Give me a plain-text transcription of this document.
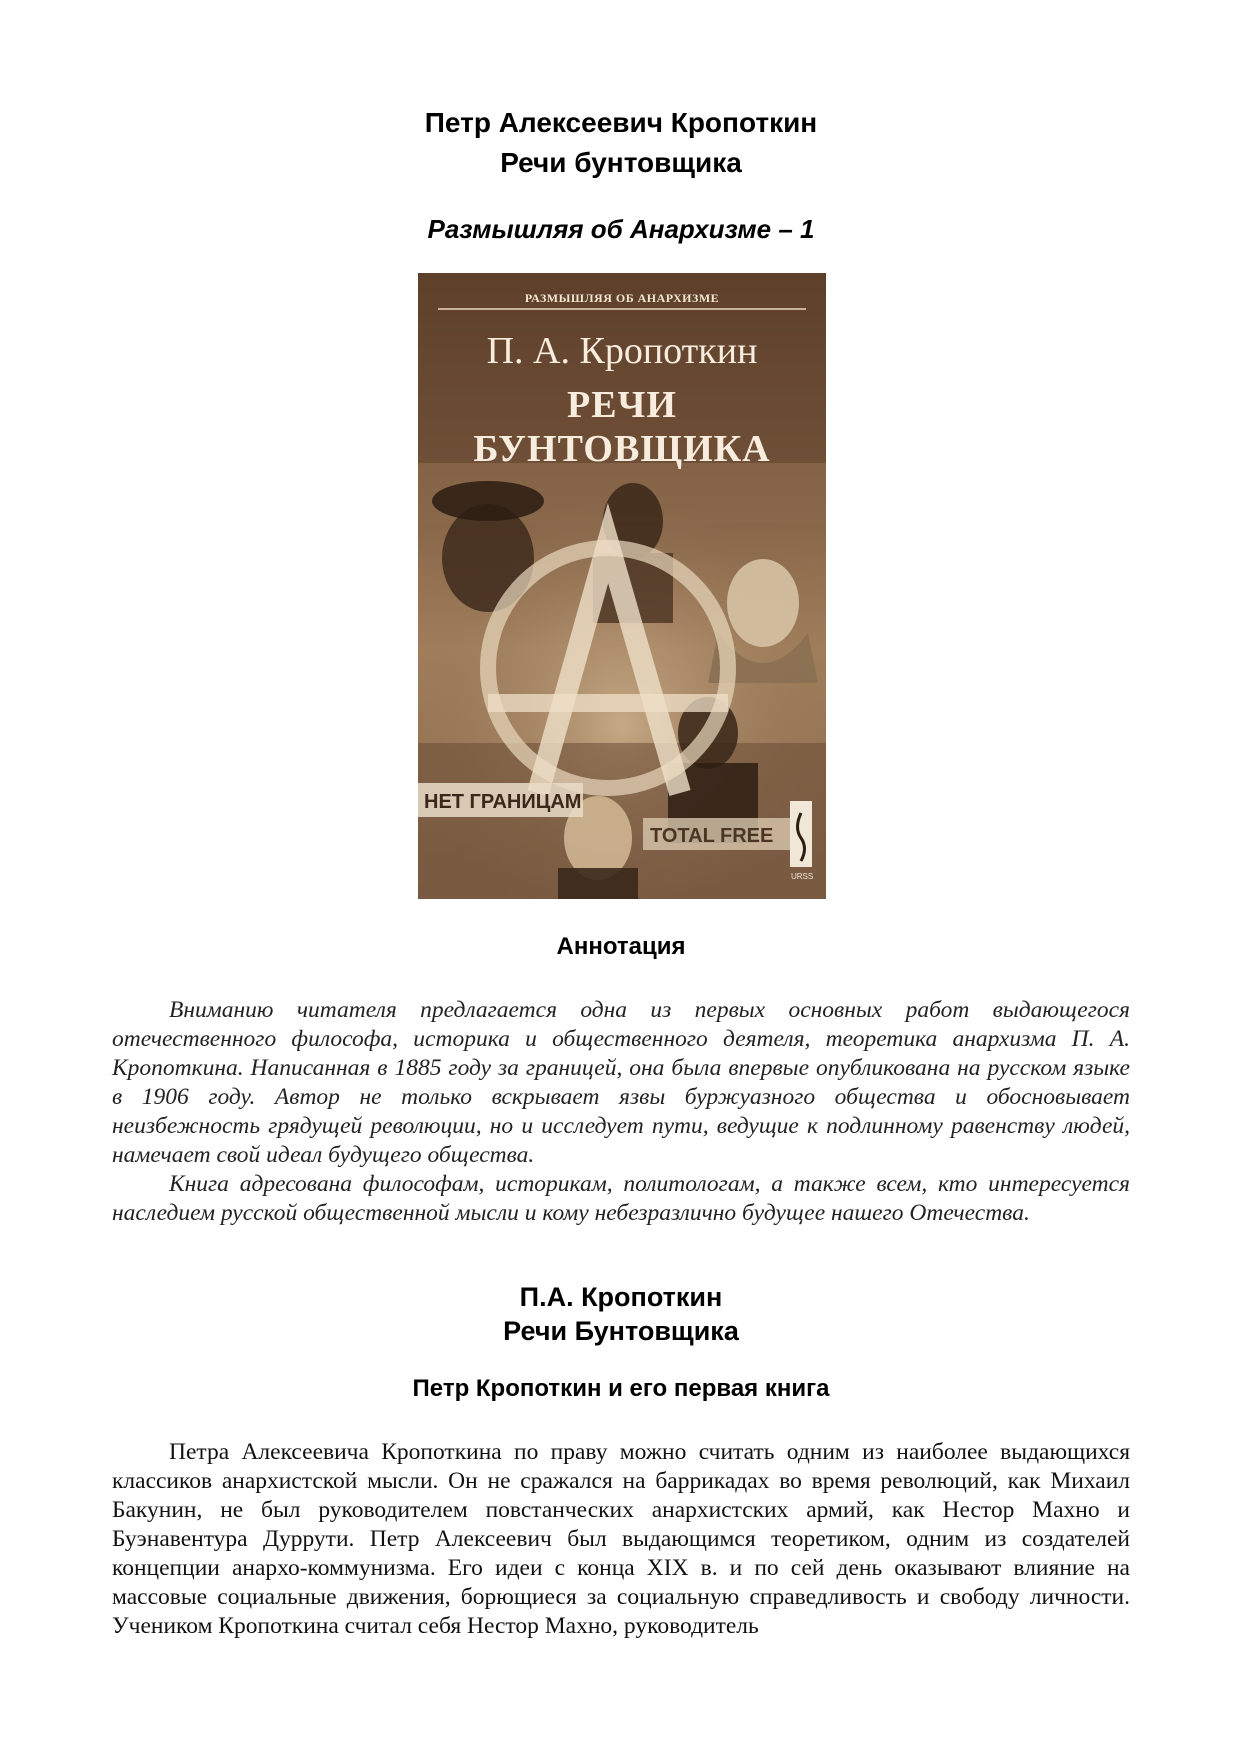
Петр Алексеевич Кропоткин
Речи бунтовщика
Размышляя об Анархизме – 1
НЕТ ГРАНИЦАМ
TOTAL FREE
URSS
РАЗМЫШЛЯЯ ОБ АНАРХИЗМЕ
П. А. Кропоткин
РЕЧИ БУНТОВЩИКА
Аннотация

Вниманию читателя предлагается одна из первых основных работ выдающегося отечественного философа, историка и общественного деятеля, теоретика анархизма П. А. Кропоткина. Написанная в 1885 году за границей, она была впервые опубликована на русском языке в 1906 году. Автор не только вскрывает язвы буржуазного общества и обосновывает неизбежность грядущей революции, но и исследует пути, ведущие к подлинному равенству людей, намечает свой идеал будущего общества.

Книга адресована философам, историкам, политологам, а также всем, кто интересуется наследием русской общественной мысли и кому небезразлично будущее нашего Отечества.

П.А. Кропоткин
Речи Бунтовщика
Петр Кропоткин и его первая книга

Петра Алексеевича Кропоткина по праву можно считать одним из наиболее выдающихся классиков анархистской мысли. Он не сражался на баррикадах во время революций, как Михаил Бакунин, не был руководителем повстанческих анархистских армий, как Нестор Махно и Буэнавентура Дуррути. Петр Алексеевич был выдающимся теоретиком, одним из создателей концепции анархо-коммунизма. Его идеи с конца XIX в. и по сей день оказывают влияние на массовые социальные движения, борющиеся за социальную справедливость и свободу личности. Учеником Кропоткина считал себя Нестор Махно, руководитель
